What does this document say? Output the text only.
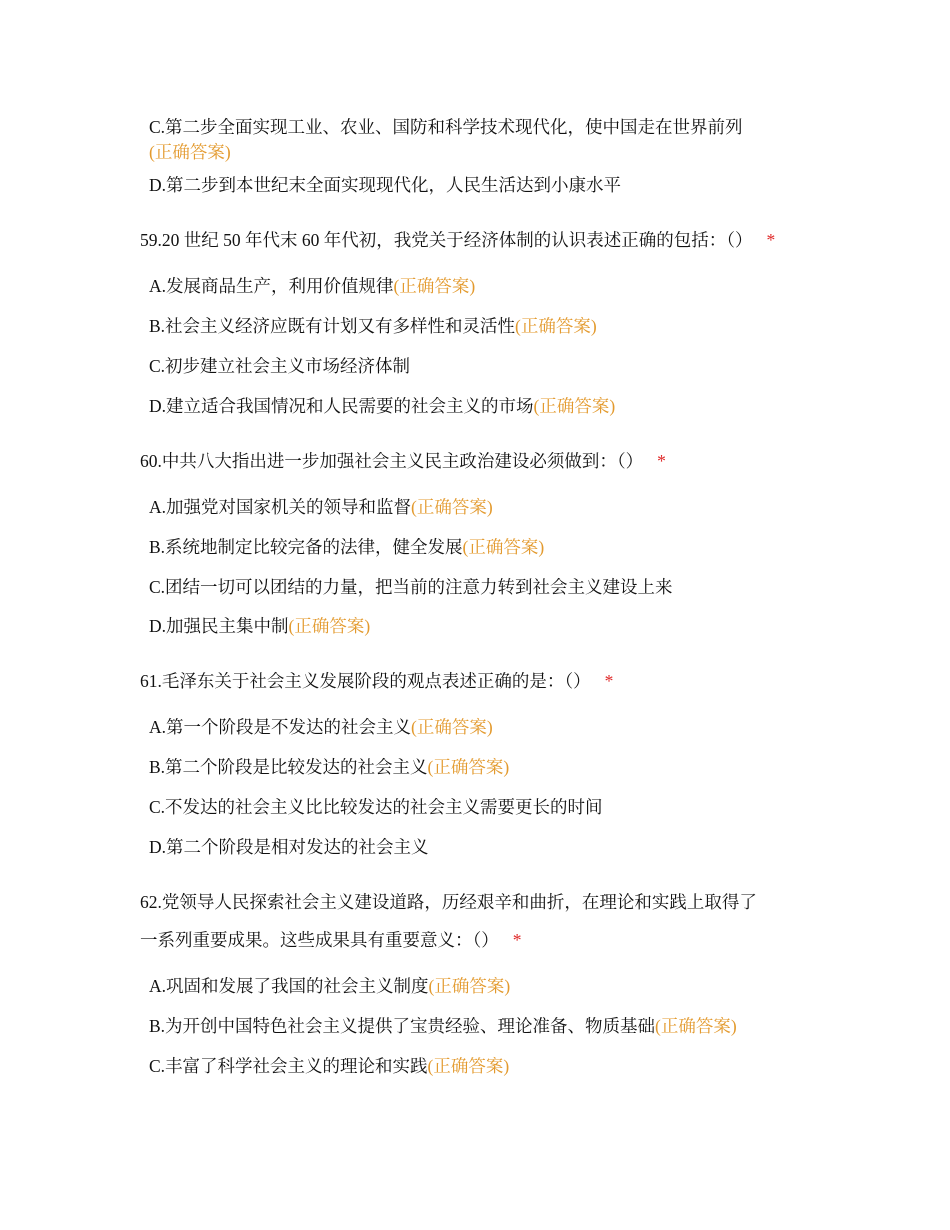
C.第二步全面实现工业、农业、国防和科学技术现代化，使中国走在世界前列
(正确答案)
D.第二步到本世纪末全面实现现代化，人民生活达到小康水平
59.20 世纪 50 年代末 60 年代初，我党关于经济体制的认识表述正确的包括：（） *
A.发展商品生产，利用价值规律(正确答案)
B.社会主义经济应既有计划又有多样性和灵活性(正确答案)
C.初步建立社会主义市场经济体制
D.建立适合我国情况和人民需要的社会主义的市场(正确答案)
60.中共八大指出进一步加强社会主义民主政治建设必须做到：（） *
A.加强党对国家机关的领导和监督(正确答案)
B.系统地制定比较完备的法律，健全发展(正确答案)
C.团结一切可以团结的力量，把当前的注意力转到社会主义建设上来
D.加强民主集中制(正确答案)
61.毛泽东关于社会主义发展阶段的观点表述正确的是：（） *
A.第一个阶段是不发达的社会主义(正确答案)
B.第二个阶段是比较发达的社会主义(正确答案)
C.不发达的社会主义比比较发达的社会主义需要更长的时间
D.第二个阶段是相对发达的社会主义
62.党领导人民探索社会主义建设道路，历经艰辛和曲折，在理论和实践上取得了
一系列重要成果。这些成果具有重要意义：（） *
A.巩固和发展了我国的社会主义制度(正确答案)
B.为开创中国特色社会主义提供了宝贵经验、理论准备、物质基础(正确答案)
C.丰富了科学社会主义的理论和实践(正确答案)
